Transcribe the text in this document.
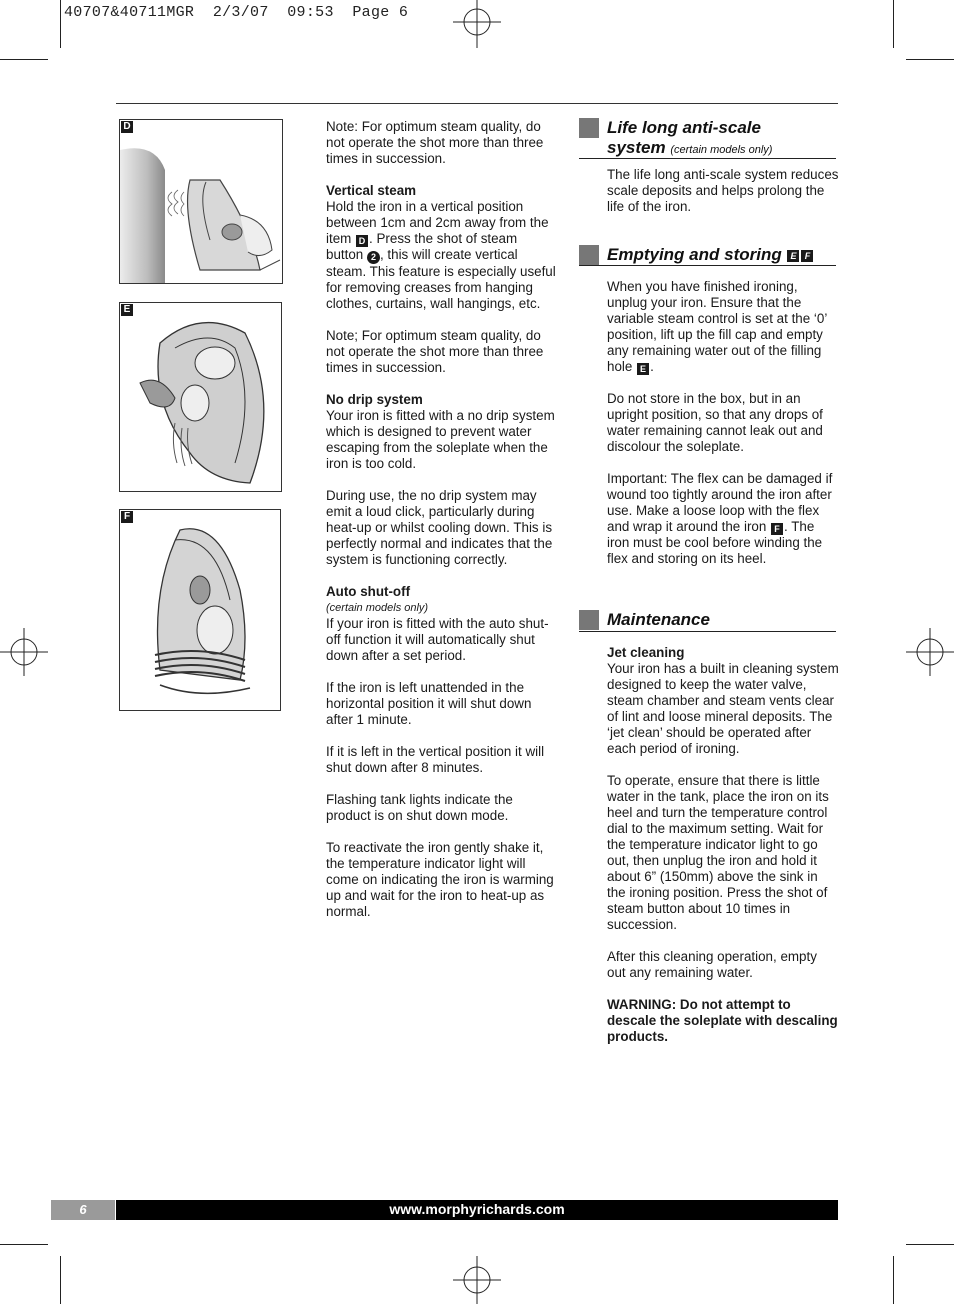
40707&40711MGR  2/3/07  09:53  Page 6
D
E
F

Note: For optimum steam quality, do not operate the shot more than three times in succession.

Vertical steam

Hold the iron in a vertical position between 1cm and 2cm away from the item D . Press the shot of steam button 2 , this will create vertical steam. This feature is especially useful for removing creases from hanging clothes, curtains, wall hangings, etc.

Note; For optimum steam quality, do not operate the shot more than three times in succession.

No drip system

Your iron is fitted with a no drip system which is designed to prevent water escaping from the soleplate when the iron is too cold.

During use, the no drip system may emit a loud click, particularly during heat-up or whilst cooling down. This is perfectly normal and indicates that the system is functioning correctly.

Auto shut-off
(certain models only)

If your iron is fitted with the auto shut-off function it will automatically shut down after a set period.

If the iron is left unattended in the horizontal position it will shut down after 1 minute.

If it is left in the vertical position it will shut down after 8 minutes.

Flashing tank lights indicate the product is on shut down mode.

To reactivate the iron gently shake it, the temperature indicator light will come on indicating the iron is warming up and wait for the iron to heat-up as normal.

Life long anti-scale
system (certain models only)

The life long anti-scale system reduces scale deposits and helps prolong the life of the iron.

Emptying and storing E F

When you have finished ironing, unplug your iron. Ensure that the variable steam control is set at the ‘0’ position, lift up the fill cap and empty any remaining water out of the filling hole E .

Do not store in the box, but in an upright position, so that any drops of water remaining cannot leak out and discolour the soleplate.

Important: The flex can be damaged if wound too tightly around the iron after use. Make a loose loop with the flex and wrap it around the iron F . The iron must be cool before winding the flex and storing on its heel.

Maintenance
Jet cleaning

Your iron has a built in cleaning system designed to keep the water valve, steam chamber and steam vents clear of lint and loose mineral deposits. The ‘jet clean’ should be operated after each period of ironing.

To operate, ensure that there is little water in the tank, place the iron on its heel and turn the temperature control dial to the maximum setting. Wait for the temperature indicator light to go out, then unplug the iron and hold it about 6” (150mm) above the sink in the ironing position. Press the shot of steam button about 10 times in succession.

After this cleaning operation, empty out any remaining water.

WARNING: Do not attempt to descale the soleplate with descaling products.

6	www.morphyrichards.com
